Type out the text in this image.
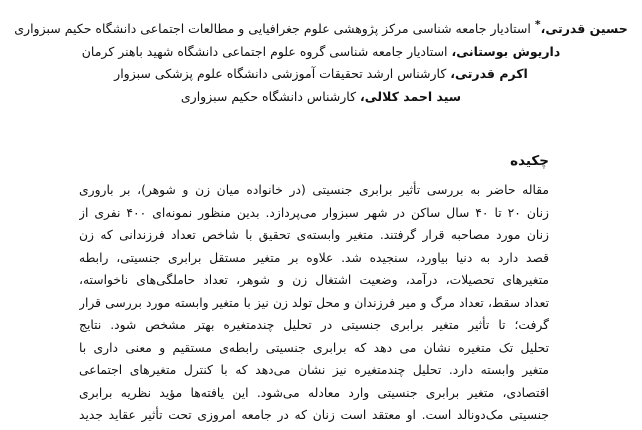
حسین قدرتی،* استادیار جامعه شناسی مرکز پژوهشی علوم جغرافیایی و مطالعات اجتماعی دانشگاه حکیم سبزواری
داریوش بوستانی، استادیار جامعه شناسی گروه علوم اجتماعی دانشگاه شهید باهنر کرمان
اکرم قدرتی، کارشناس ارشد تحقیقات آموزشی دانشگاه علوم پزشکی سبزوار
سید احمد کلالی، کارشناس دانشگاه حکیم سبزواری
چکیده
مقاله حاضر به بررسی تأثیر برابری جنسیتی (در خانواده میان زن و شوهر)، بر باروری
زنان ۲۰ تا ۴۰ سال ساکن در شهر سبزوار می‌پردازد. بدین منظور نمونه‌ای ۴۰۰ نفری از
زنان مورد مصاحبه قرار گرفتند. متغیر وابسته‌ی تحقیق با شاخص تعداد فرزندانی که زن
قصد دارد به دنیا بیاورد، سنجیده شد. علاوه بر متغیر مستقل برابری جنسیتی، رابطه
متغیرهای تحصیلات، درآمد، وضعیت اشتغال زن و شوهر، تعداد حاملگی‌های ناخواسته،
تعداد سقط، تعداد مرگ و میر فرزندان و محل تولد زن نیز با متغیر وابسته مورد بررسی قرار
گرفت؛ تا تأثیر متغیر برابری جنسیتی در تحلیل چندمتغیره بهتر مشخص شود. نتایج
تحلیل تک متغیره نشان می دهد که برابری جنسیتی رابطه‌ی مستقیم و معنی داری با
متغیر وابسته دارد. تحلیل چندمتغیره نیز نشان می‌دهد که با کنترل متغیرهای اجتماعی
اقتصادی، متغیر برابری جنسیتی وارد معادله می‌شود. این یافته‌ها مؤید نظریه برابری
جنسیتی مک‌دونالد است. او معتقد است زنان که در جامعه امروزی تحت تأثیر عقاید جدید
